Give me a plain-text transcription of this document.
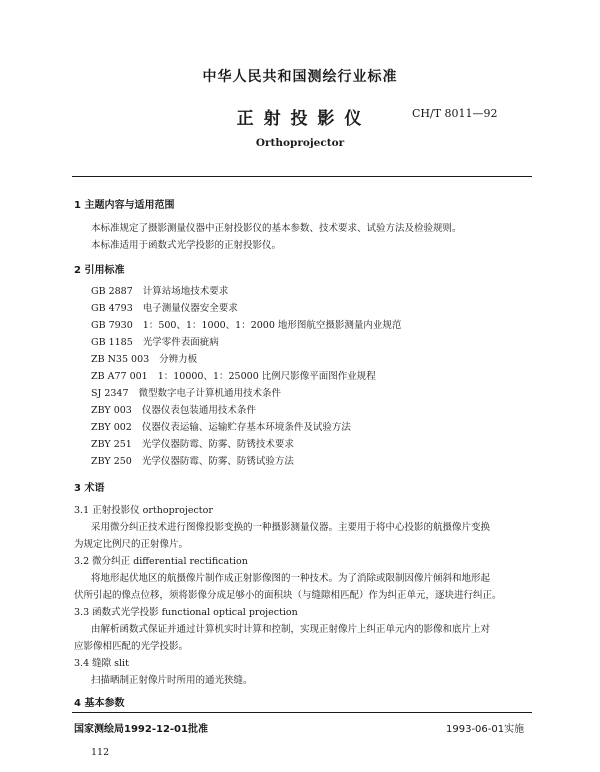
中华人民共和国测绘行业标准
正 射 投 影 仪	CH/T 8011—92
Orthoprojector
1 主题内容与适用范围
本标准规定了摄影测量仪器中正射投影仪的基本参数、技术要求、试验方法及检验规则。
本标准适用于函数式光学投影的正射投影仪。
2 引用标准
GB 2887 计算站场地技术要求
GB 4793 电子测量仪器安全要求
GB 7930 1：500、1：1000、1：2000 地形图航空摄影测量内业规范
GB 1185 光学零件表面疵病
ZB N35 003 分辨力板
ZB A77 001 1：10000、1：25000 比例尺影像平面图作业规程
SJ 2347 微型数字电子计算机通用技术条件
ZBY 003 仪器仪表包装通用技术条件
ZBY 002 仪器仪表运输、运输贮存基本环境条件及试验方法
ZBY 251 光学仪器防霉、防雾、防锈技术要求
ZBY 250 光学仪器防霉、防雾、防锈试验方法
3 术语
3.1 正射投影仪 orthoprojector
采用微分纠正技术进行图像投影变换的一种摄影测量仪器。主要用于将中心投影的航摄像片变换
为规定比例尺的正射像片。
3.2 微分纠正 differential rectification
将地形起伏地区的航摄像片制作成正射影像图的一种技术。为了消除或限制因像片倾斜和地形起
伏所引起的像点位移，须将影像分成足够小的面积块（与缝隙相匹配）作为纠正单元，逐块进行纠正。
3.3 函数式光学投影 functional optical projection
由解析函数式保证并通过计算机实时计算和控制，实现正射像片上纠正单元内的影像和底片上对
应影像相匹配的光学投影。
3.4 缝隙 slit
扫描晒制正射像片时所用的通光狭缝。
4 基本参数
国家测绘局1992-12-01批准	1993-06-01实施
112
